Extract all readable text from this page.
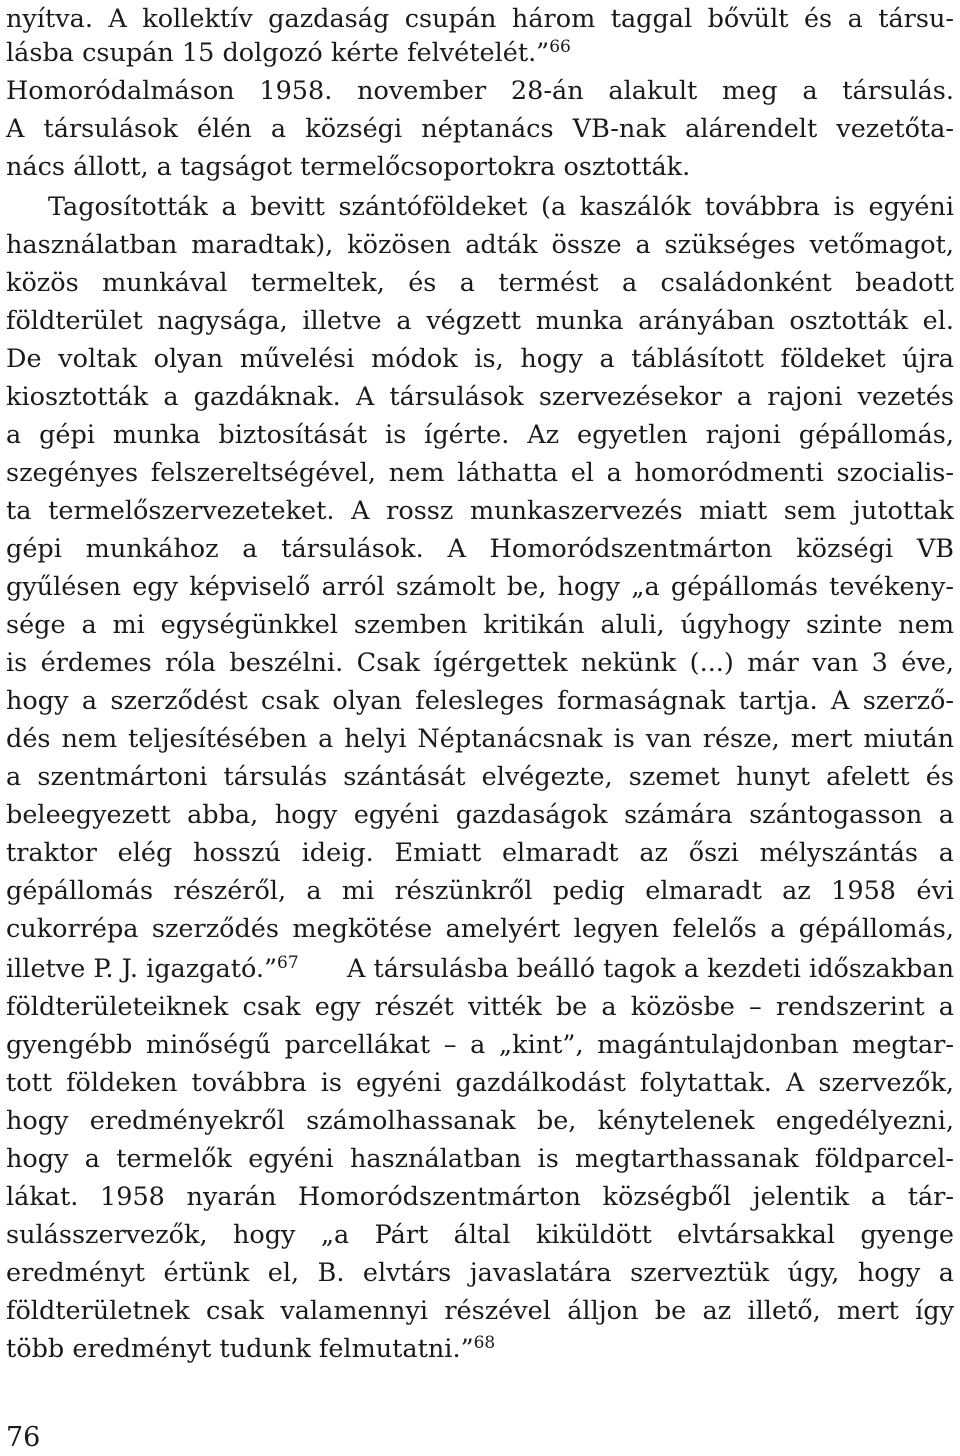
nyítva. A kollektív gazdaság csupán három taggal bővült és a társu-
lásba csupán 15 dolgozó kérte felvételét.”$^{66}$
Homoródalmáson 1958. november 28-án alakult meg a társulás.
A társulások élén a községi néptanács VB-nak alárendelt vezetőta-
nács állott, a tagságot termelőcsoportokra osztották.
Tagosították a bevitt szántóföldeket (a kaszálók továbbra is egyéni
használatban maradtak), közösen adták össze a szükséges vetőmagot,
közös munkával termeltek, és a termést a családonként beadott
földterület nagysága, illetve a végzett munka arányában osztották el.
De voltak olyan művelési módok is, hogy a táblásított földeket újra
kiosztották a gazdáknak. A társulások szervezésekor a rajoni vezetés
a gépi munka biztosítását is ígérte. Az egyetlen rajoni gépállomás,
szegényes felszereltségével, nem láthatta el a homoródmenti szocialis-
ta termelőszervezeteket. A rossz munkaszervezés miatt sem jutottak
gépi munkához a társulások. A Homoródszentmárton községi VB
gyűlésen egy képviselő arról számolt be, hogy „a gépállomás tevékeny-
sége a mi egységünkkel szemben kritikán aluli, úgyhogy szinte nem
is érdemes róla beszélni. Csak ígérgettek nekünk (...) már van 3 éve,
hogy a szerződést csak olyan felesleges formaságnak tartja. A szerző-
dés nem teljesítésében a helyi Néptanácsnak is van része, mert miután
a szentmártoni társulás szántását elvégezte, szemet hunyt afelett és
beleegyezett abba, hogy egyéni gazdaságok számára szántogasson a
traktor elég hosszú ideig. Emiatt elmaradt az őszi mélyszántás a
gépállomás részéről, a mi részünkről pedig elmaradt az 1958 évi
cukorrépa szerződés megkötése amelyért legyen felelős a gépállomás,
illetve P. J. igazgató.”$^{67}$ A társulásba beálló tagok a kezdeti időszakban
földterületeiknek csak egy részét vitték be a közösbe – rendszerint a
gyengébb minőségű parcellákat – a „kint”, magántulajdonban megtar-
tott földeken továbbra is egyéni gazdálkodást folytattak. A szervezők,
hogy eredményekről számolhassanak be, kénytelenek engedélyezni,
hogy a termelők egyéni használatban is megtarthassanak földparcel-
lákat. 1958 nyarán Homoródszentmárton községből jelentik a tár-
sulásszervezők, hogy „a Párt által kiküldött elvtársakkal gyenge
eredményt értünk el, B. elvtárs javaslatára szerveztük úgy, hogy a
földterületnek csak valamennyi részével álljon be az illető, mert így
több eredményt tudunk felmutatni.”$^{68}$
76
